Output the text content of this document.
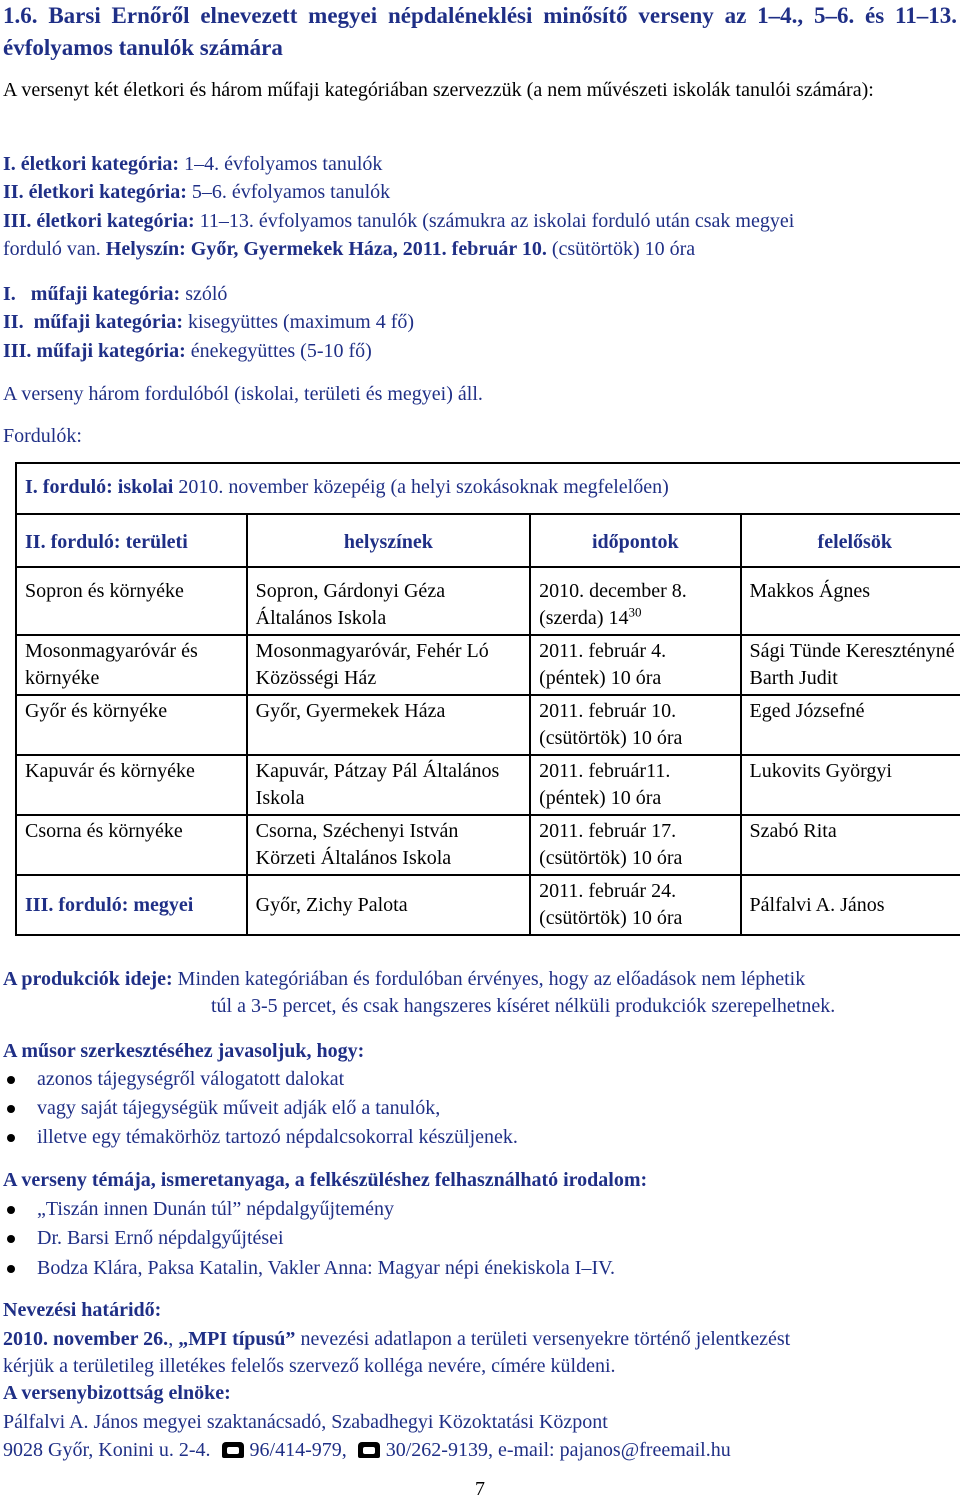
1.6. Barsi Ernőről elnevezett megyei népdaléneklési minősítő verseny az 1–4., 5–6. és 11–13. évfolyamos tanulók számára
A versenyt két életkori és három műfaji kategóriában szervezzük (a nem művészeti iskolák tanulói számára):
I. életkori kategória: 1–4. évfolyamos tanulók
II. életkori kategória: 5–6. évfolyamos tanulók
III. életkori kategória: 11–13. évfolyamos tanulók (számukra az iskolai forduló után csak megyei
forduló van. Helyszín: Győr, Gyermekek Háza, 2011. február 10. (csütörtök) 10 óra
I.   műfaji kategória: szóló
II.  műfaji kategória: kisegyüttes (maximum 4 fő)
III. műfaji kategória: énekegyüttes (5-10 fő)
A verseny három fordulóból (iskolai, területi és megyei) áll.
Fordulók:
I. forduló: iskolai 2010. november közepéig (a helyi szokásoknak megfelelően)			
II. forduló: területi	helyszínek	időpontok	felelősök
Sopron és környéke	Sopron, Gárdonyi Géza Általános Iskola	2010. december 8. (szerda) $14^{30}$	Makkos Ágnes
Mosonmagyaróvár és környéke	Mosonmagyaróvár, Fehér Ló Közösségi Ház	2011. február 4. (péntek) 10 óra	Sági Tünde Keresztényné Barth Judit
Győr és környéke	Győr, Gyermekek Háza	2011. február 10. (csütörtök) 10 óra	Eged Józsefné
Kapuvár és környéke	Kapuvár, Pátzay Pál Általános Iskola	2011. február11. (péntek) 10 óra	Lukovits Györgyi
Csorna és környéke	Csorna, Széchenyi István Körzeti Általános Iskola	2011. február 17. (csütörtök) 10 óra	Szabó Rita
III. forduló: megyei	Győr, Zichy Palota	2011. február 24. (csütörtök) 10 óra	Pálfalvi A. János
A produkciók ideje: Minden kategóriában és fordulóban érvényes, hogy az előadások nem léphetik
túl a 3-5 percet, és csak hangszeres kíséret nélküli produkciók szerepelhetnek.
A műsor szerkesztéséhez javasoljuk, hogy:
azonos tájegységről válogatott dalokat
vagy saját tájegységük műveit adják elő a tanulók,
illetve egy témakörhöz tartozó népdalcsokorral készüljenek.
A verseny témája, ismeretanyaga, a felkészüléshez felhasználható irodalom:
„Tiszán innen Dunán túl” népdalgyűjtemény
Dr. Barsi Ernő népdalgyűjtései
Bodza Klára, Paksa Katalin, Vakler Anna: Magyar népi énekiskola I–IV.
Nevezési határidő:
2010. november 26., „MPI típusú” nevezési adatlapon a területi versenyekre történő jelentkezést
kérjük a területileg illetékes felelős szervező kolléga nevére, címére küldeni.
A versenybizottság elnöke:
Pálfalvi A. János megyei szaktanácsadó, Szabadhegyi Közoktatási Központ
9028 Győr, Konini u. 2-4. 96/414-979, 30/262-9139, e-mail: pajanos@freemail.hu
7
